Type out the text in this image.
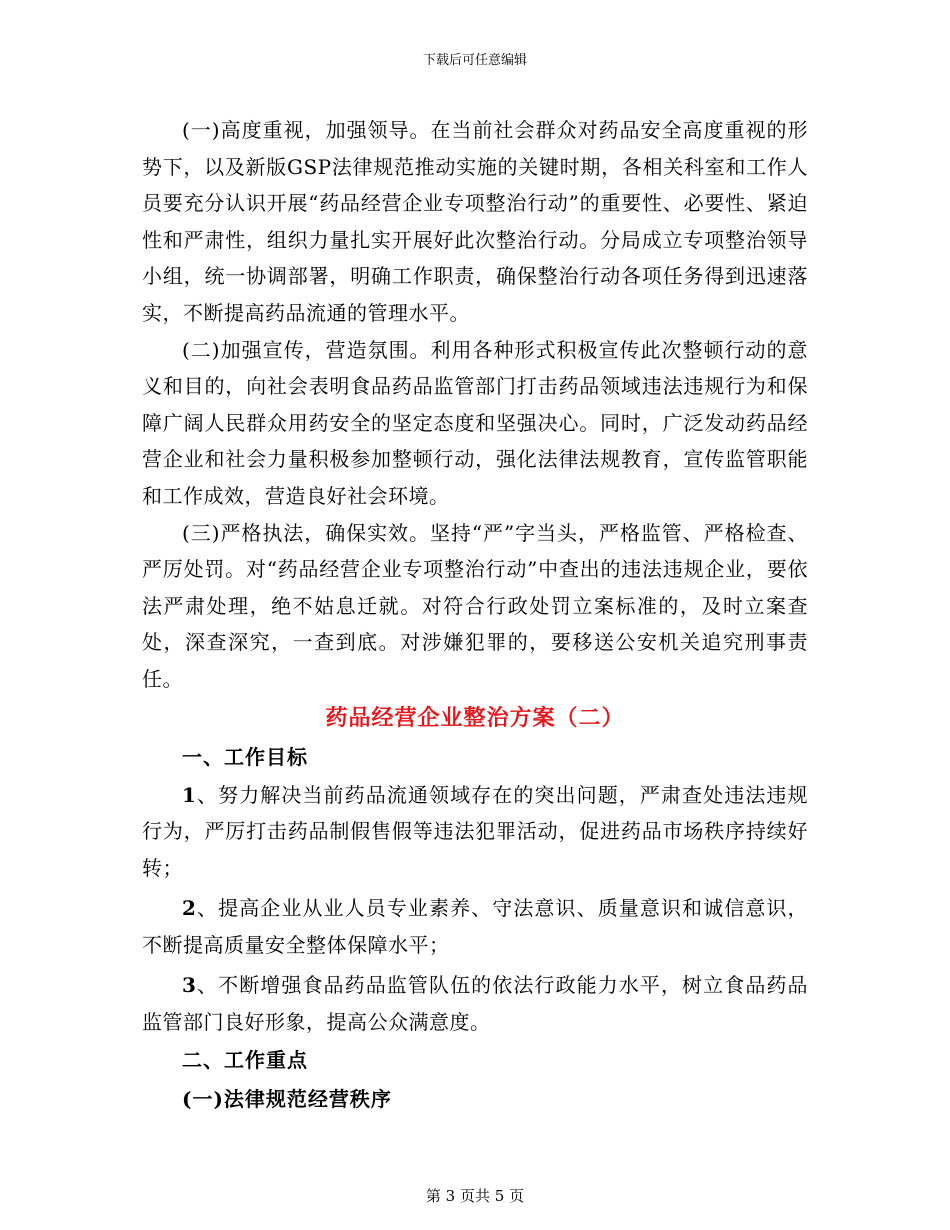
下载后可任意编辑

(一)高度重视，加强领导。在当前社会群众对药品安全高度重视的形势下，以及新版GSP法律规范推动实施的关键时期，各相关科室和工作人员要充分认识开展“药品经营企业专项整治行动”的重要性、必要性、紧迫性和严肃性，组织力量扎实开展好此次整治行动。分局成立专项整治领导小组，统一协调部署，明确工作职责，确保整治行动各项任务得到迅速落实，不断提高药品流通的管理水平。

(二)加强宣传，营造氛围。利用各种形式积极宣传此次整顿行动的意义和目的，向社会表明食品药品监管部门打击药品领域违法违规行为和保障广阔人民群众用药安全的坚定态度和坚强决心。同时，广泛发动药品经营企业和社会力量积极参加整顿行动，强化法律法规教育，宣传监管职能和工作成效，营造良好社会环境。

(三)严格执法，确保实效。坚持“严”字当头，严格监管、严格检查、严厉处罚。对“药品经营企业专项整治行动”中查出的违法违规企业，要依法严肃处理，绝不姑息迁就。对符合行政处罚立案标准的，及时立案查处，深查深究，一查到底。对涉嫌犯罪的，要移送公安机关追究刑事责任。

药品经营企业整治方案（二）
一、工作目标

1、努力解决当前药品流通领域存在的突出问题，严肃查处违法违规行为，严厉打击药品制假售假等违法犯罪活动，促进药品市场秩序持续好转；

2、提高企业从业人员专业素养、守法意识、质量意识和诚信意识，不断提高质量安全整体保障水平；

3、不断增强食品药品监管队伍的依法行政能力水平，树立食品药品监管部门良好形象，提高公众满意度。

二、工作重点
(一)法律规范经营秩序
第 3 页共 5 页
